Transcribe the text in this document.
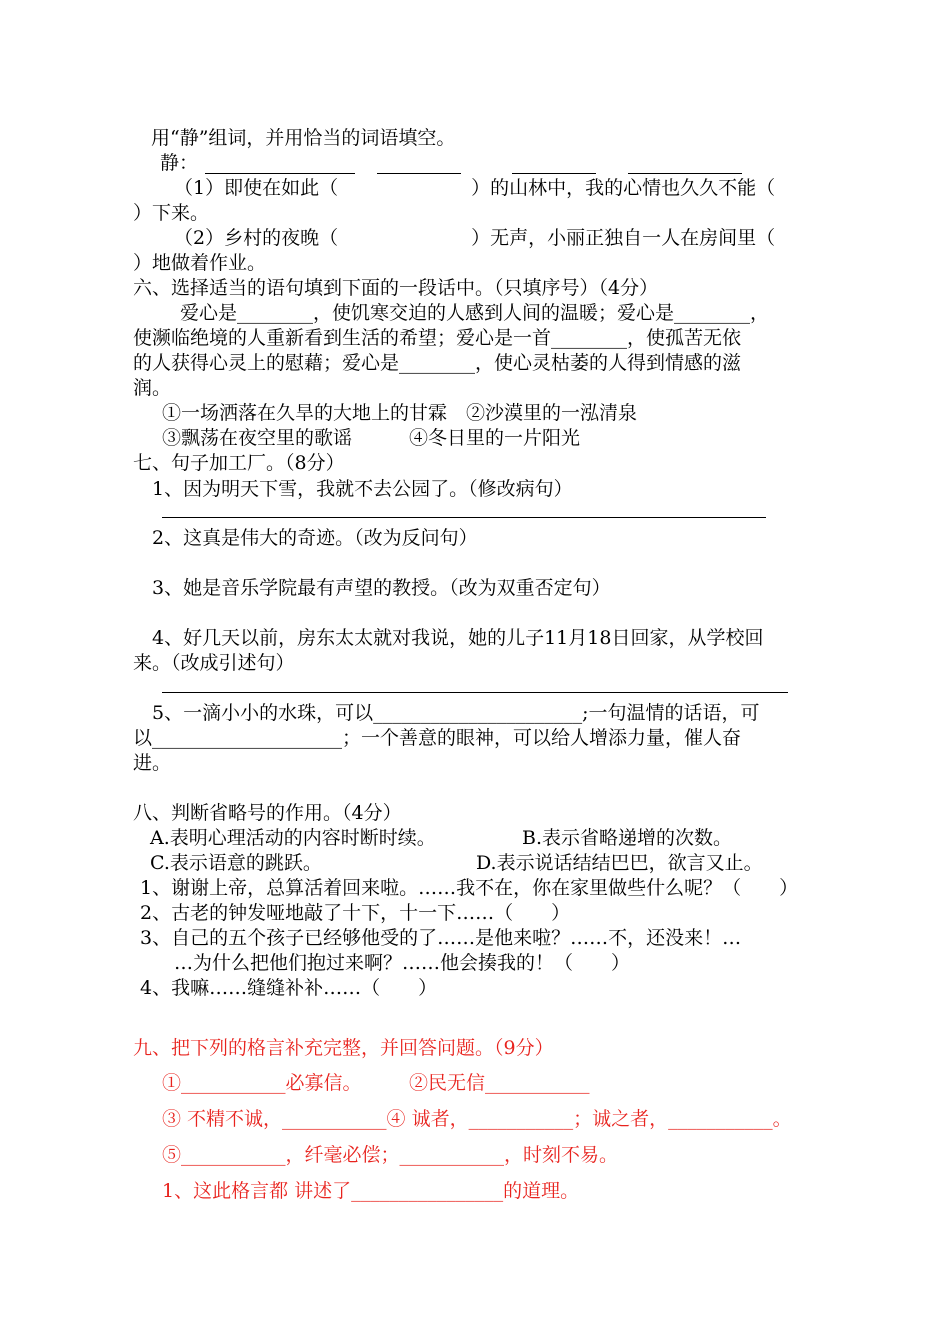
用“静”组词，并用恰当的词语填空。
静：
（1）即使在如此（　　　　　　　）的山林中，我的心情也久久不能（
）下来。
（2）乡村的夜晚（　　　　　　　）无声，小丽正独自一人在房间里（
）地做着作业。
六、选择适当的语句填到下面的一段话中。（只填序号）（4分）
爱心是________，使饥寒交迫的人感到人间的温暖；爱心是________，
使濒临绝境的人重新看到生活的希望；爱心是一首________，使孤苦无依
的人获得心灵上的慰藉；爱心是________，使心灵枯萎的人得到情感的滋
润。
①一场洒落在久旱的大地上的甘霖　②沙漠里的一泓清泉
③飘荡在夜空里的歌谣　　　④冬日里的一片阳光
七、句子加工厂。（8分）
1、因为明天下雪，我就不去公园了。（修改病句）
2、这真是伟大的奇迹。（改为反问句）
3、她是音乐学院最有声望的教授。（改为双重否定句）
4、好几天以前，房东太太就对我说，她的儿子11月18日回家，从学校回
来。（改成引述句）
5、一滴小小的水珠，可以______________________;一句温情的话语，可
以____________________；一个善意的眼神，可以给人增添力量，催人奋
进。
八、判断省略号的作用。（4分）
A.表明心理活动的内容时断时续。	B.表示省略递增的次数。
C.表示语意的跳跃。	D.表示说话结结巴巴，欲言又止。
1、谢谢上帝，总算活着回来啦。……我不在，你在家里做些什么呢？（　　）
2、古老的钟发哑地敲了十下，十一下……（　　）
3、自己的五个孩子已经够他受的了……是他来啦？……不，还没来！…
…为什么把他们抱过来啊？……他会揍我的！（　　）
4、我嘛……缝缝补补……（　　）
九、把下列的格言补充完整，并回答问题。（9分）
①___________必寡信。　　　②民无信___________
③ 不精不诚，___________④ 诚者，___________；诚之者，___________。
⑤___________，纤毫必偿；___________，时刻不易。
1、这此格言都 讲述了________________的道理。
